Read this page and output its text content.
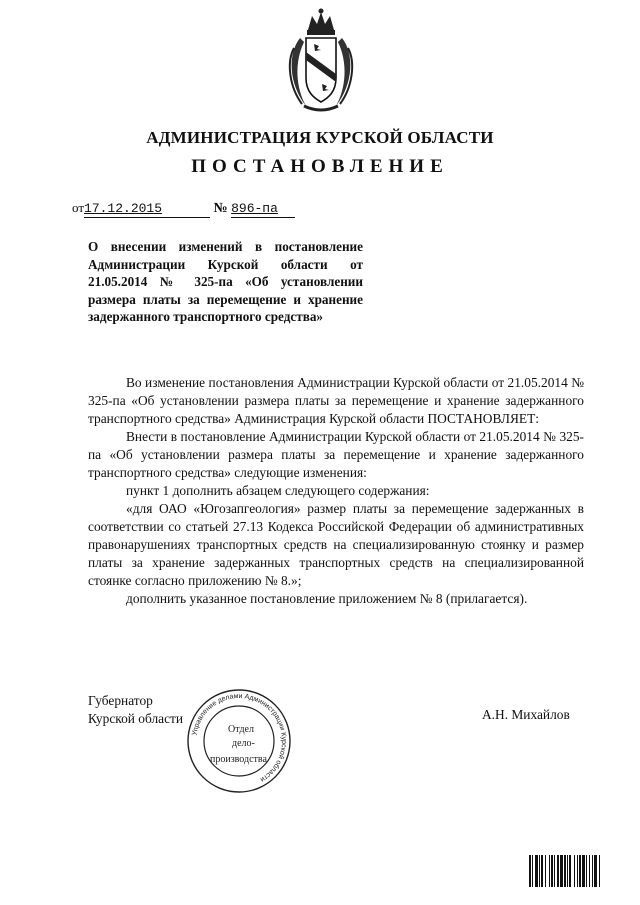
АДМИНИСТРАЦИЯ КУРСКОЙ ОБЛАСТИ
ПОСТАНОВЛЕНИЕ
от17.12.2015	№ 896-па
О внесении изменений в постановление Администрации Курской области от 21.05.2014 № 325-па «Об установлении размера платы за перемещение и хранение задержанного транспортного средства»

Во изменение постановления Администрации Курской области от 21.05.2014 № 325-па «Об установлении размера платы за перемещение и хранение задержанного транспортного средства» Администрация Курской области ПОСТАНОВЛЯЕТ:

Внести в постановление Администрации Курской области от 21.05.2014 № 325-па «Об установлении размера платы за перемещение и хранение задержанного транспортного средства» следующие изменения:

пункт 1 дополнить абзацем следующего содержания:

«для ОАО «Югозапгеология» размер платы за перемещение задержанных в соответствии со статьей 27.13 Кодекса Российской Федерации об административных правонарушениях транспортных средств на специализированную стоянку и размер платы за хранение задержанных транспортных средств на специализированной стоянке согласно приложению № 8.»;

дополнить указанное постановление приложением № 8 (прилагается).

Губернатор
Курской области	А.Н. Михайлов
Управление делами Администрации Курской области
Отдел
дело-
производства
